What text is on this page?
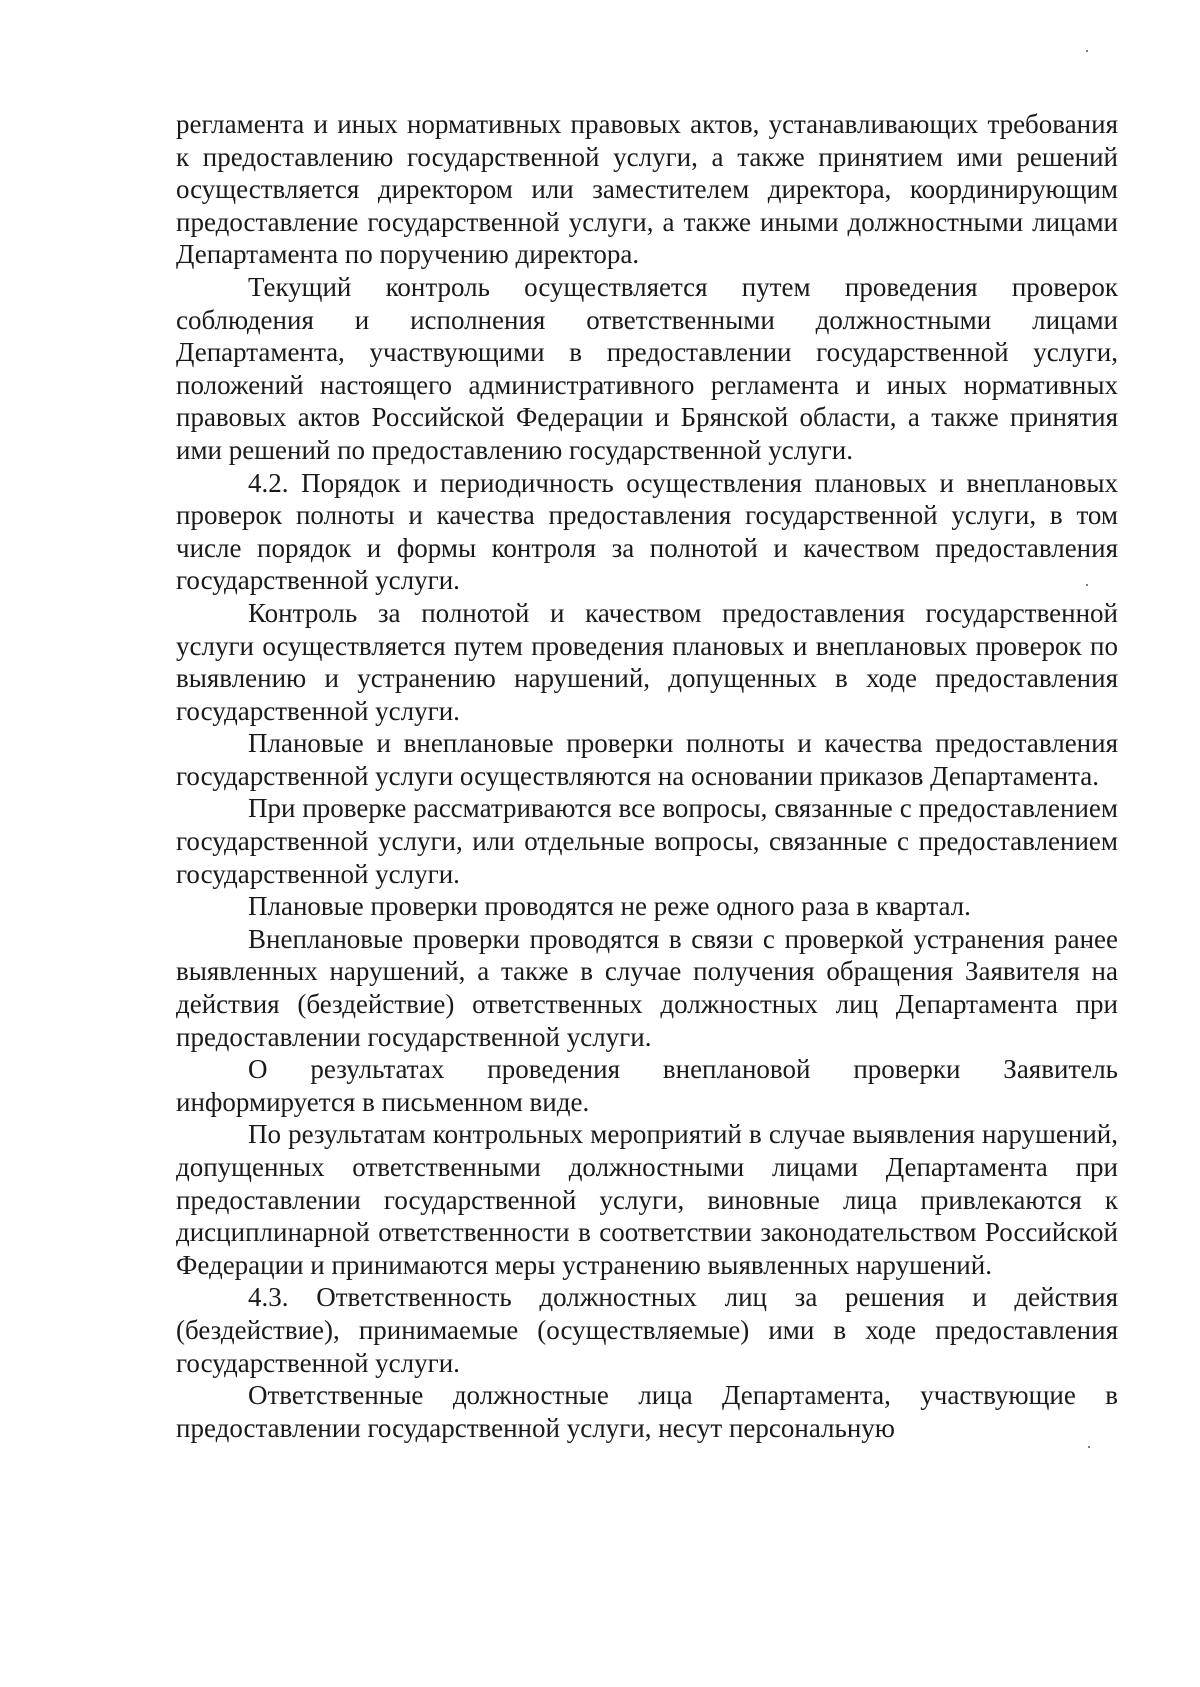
регламента и иных нормативных правовых актов, устанавливающих требования к предоставлению государственной услуги, а также принятием ими решений осуществляется директором или заместителем директора, координирующим предоставление государственной услуги, а также иными должностными лицами Департамента по поручению директора.

Текущий контроль осуществляется путем проведения проверок соблюдения и исполнения ответственными должностными лицами Департамента, участвующими в предоставлении государственной услуги, положений настоящего административного регламента и иных нормативных правовых актов Российской Федерации и Брянской области, а также принятия ими решений по предоставлению государственной услуги.

4.2. Порядок и периодичность осуществления плановых и внеплановых проверок полноты и качества предоставления государственной услуги, в том числе порядок и формы контроля за полнотой и качеством предоставления государственной услуги.

Контроль за полнотой и качеством предоставления государственной услуги осуществляется путем проведения плановых и внеплановых проверок по выявлению и устранению нарушений, допущенных в ходе предоставления государственной услуги.

Плановые и внеплановые проверки полноты и качества предоставления государственной услуги осуществляются на основании приказов Департамента.

При проверке рассматриваются все вопросы, связанные с предоставлением государственной услуги, или отдельные вопросы, связанные с предоставлением государственной услуги.

Плановые проверки проводятся не реже одного раза в квартал.

Внеплановые проверки проводятся в связи с проверкой устранения ранее выявленных нарушений, а также в случае получения обращения Заявителя на действия (бездействие) ответственных должностных лиц Департамента при предоставлении государственной услуги.

О результатах проведения внеплановой проверки Заявитель информируется в письменном виде.

По результатам контрольных мероприятий в случае выявления нарушений, допущенных ответственными должностными лицами Департамента при предоставлении государственной услуги, виновные лица привлекаются к дисциплинарной ответственности в соответствии законодательством Российской Федерации и принимаются меры устранению выявленных нарушений.

4.3. Ответственность должностных лиц за решения и действия (бездействие), принимаемые (осуществляемые) ими в ходе предоставления государственной услуги.

Ответственные должностные лица Департамента, участвующие в предоставлении государственной услуги, несут персональную
